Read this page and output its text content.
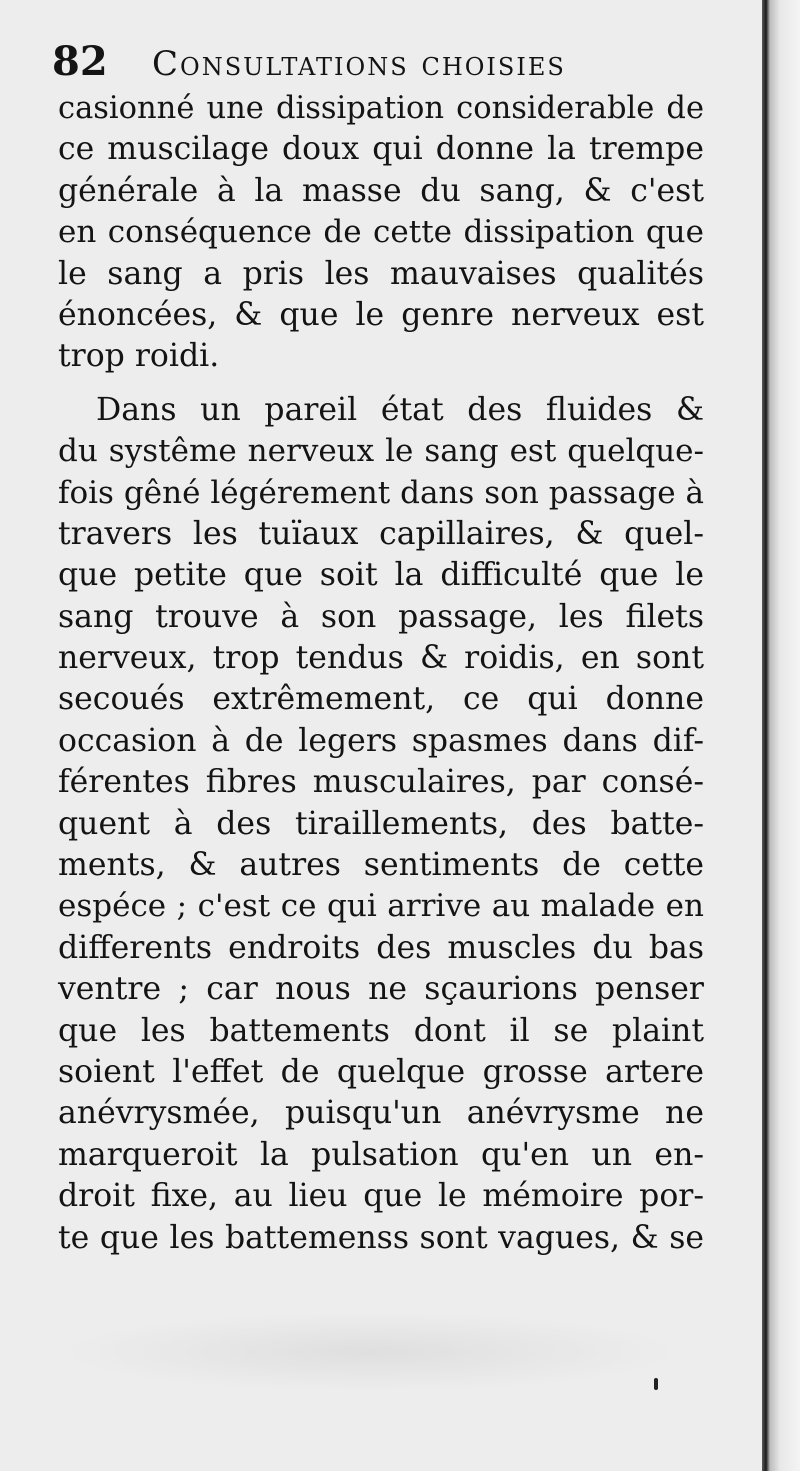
82	Consultations choisies
casionné une dissipation considerable de
ce muscilage doux qui donne la trempe
générale à la masse du sang, & c'est
en conséquence de cette dissipation que
le sang a pris les mauvaises qualités
énoncées, & que le genre nerveux est
trop roidi.
Dans un pareil état des fluides &
du systême nerveux le sang est quelque-
fois gêné légérement dans son passage à
travers les tuïaux capillaires, & quel-
que petite que soit la difficulté que le
sang trouve à son passage, les filets
nerveux, trop tendus & roidis, en sont
secoués extrêmement, ce qui donne
occasion à de legers spasmes dans dif-
férentes fibres musculaires, par consé-
quent à des tiraillements, des batte-
ments, & autres sentiments de cette
espéce ; c'est ce qui arrive au malade en
differents endroits des muscles du bas
ventre ; car nous ne sçaurions penser
que les battements dont il se plaint
soient l'effet de quelque grosse artere
anévrysmée, puisqu'un anévrysme ne
marqueroit la pulsation qu'en un en-
droit fixe, au lieu que le mémoire por-
te que les battemenss sont vagues, & se
